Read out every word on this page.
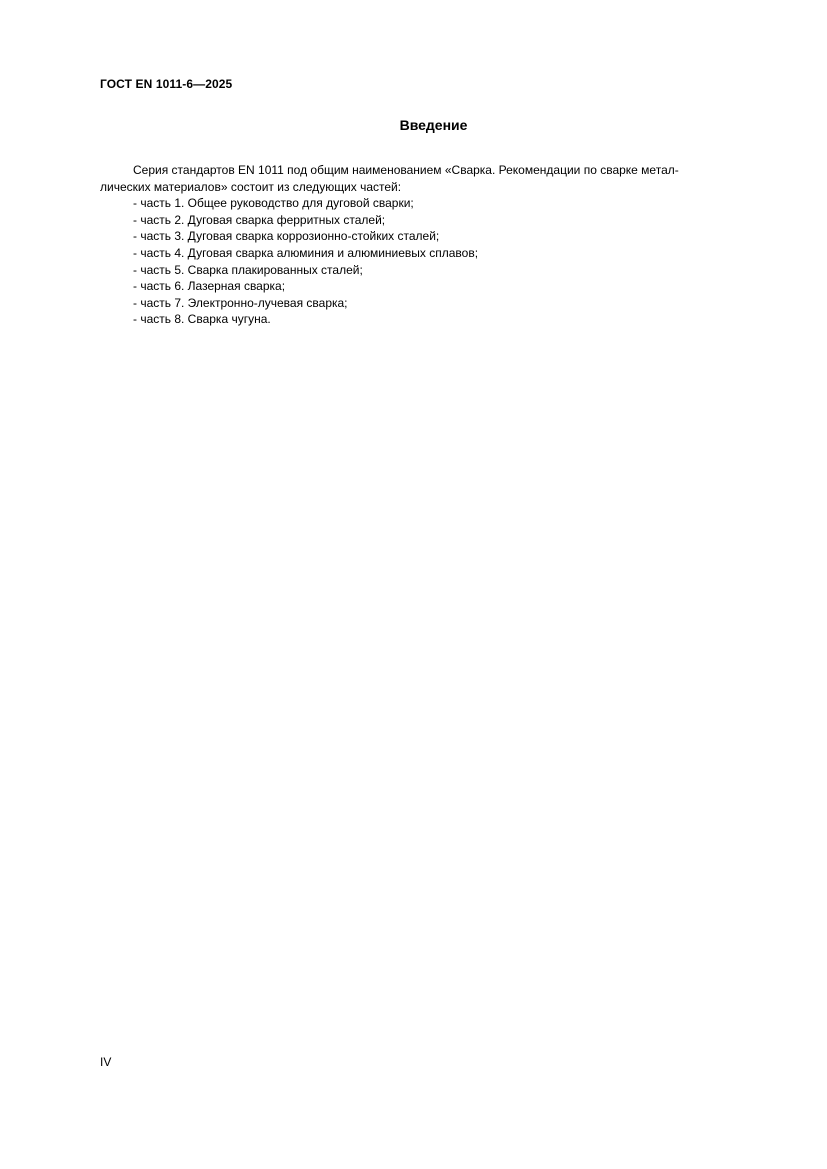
ГОСТ EN 1011-6—2025
Введение

Серия стандартов EN 1011 под общим наименованием «Сварка. Рекомендации по сварке метал-

лических материалов» состоит из следующих частей:

- часть 1. Общее руководство для дуговой сварки;
- часть 2. Дуговая сварка ферритных сталей;
- часть 3. Дуговая сварка коррозионно-стойких сталей;
- часть 4. Дуговая сварка алюминия и алюминиевых сплавов;
- часть 5. Сварка плакированных сталей;
- часть 6. Лазерная сварка;
- часть 7. Электронно-лучевая сварка;
- часть 8. Сварка чугуна.
IV
